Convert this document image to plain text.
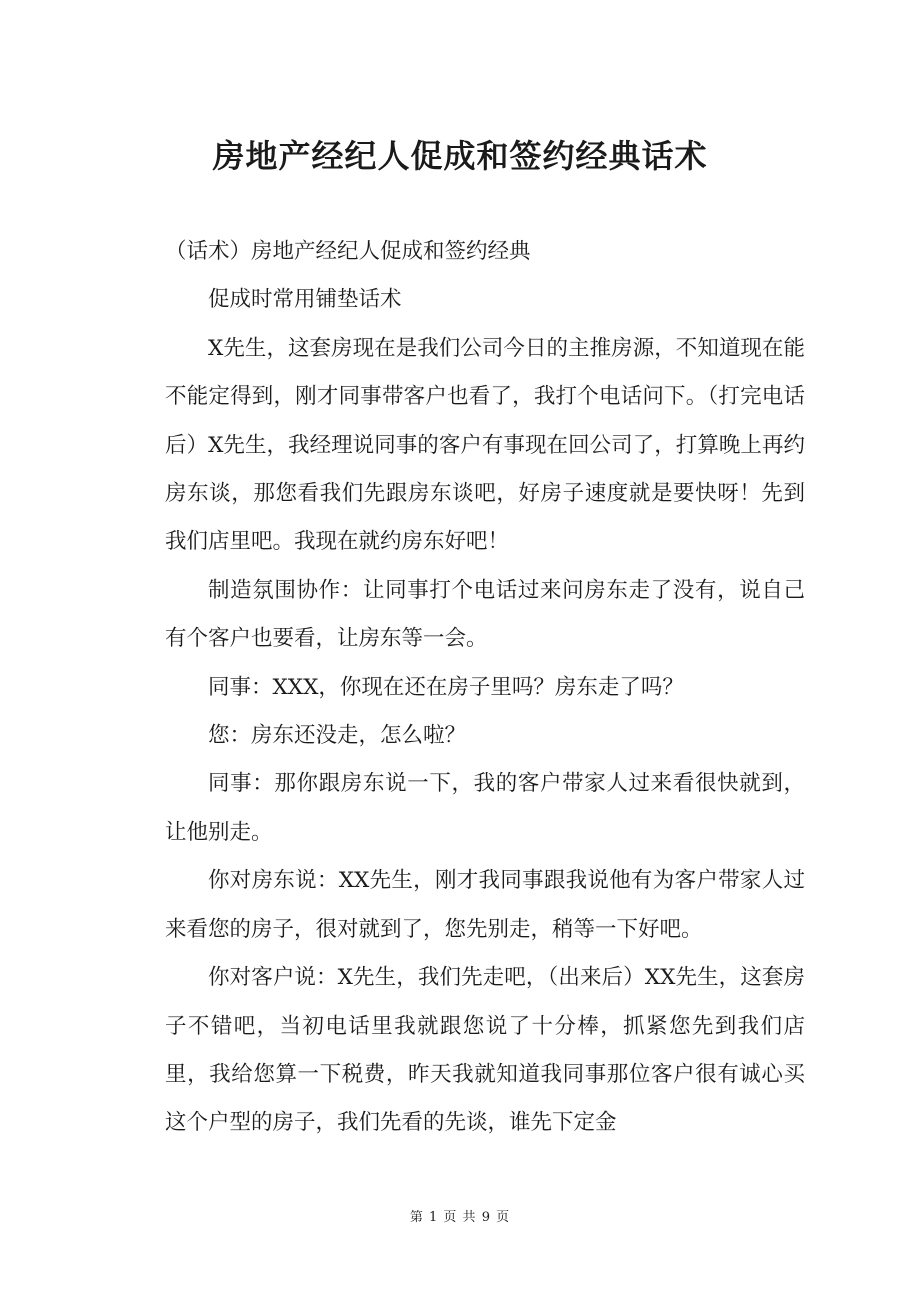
房地产经纪人促成和签约经典话术

（话术）房地产经纪人促成和签约经典

促成时常用铺垫话术

X先生，这套房现在是我们公司今日的主推房源，不知道现在能不能定得到，刚才同事带客户也看了，我打个电话问下。（打完电话后）X先生，我经理说同事的客户有事现在回公司了，打算晚上再约房东谈，那您看我们先跟房东谈吧，好房子速度就是要快呀！先到我们店里吧。我现在就约房东好吧！

制造氛围协作：让同事打个电话过来问房东走了没有，说自己有个客户也要看，让房东等一会。

同事：XXX，你现在还在房子里吗？房东走了吗？

您：房东还没走，怎么啦？

同事：那你跟房东说一下，我的客户带家人过来看很快就到，让他别走。

你对房东说：XX先生，刚才我同事跟我说他有为客户带家人过来看您的房子，很对就到了，您先别走，稍等一下好吧。

你对客户说：X先生，我们先走吧，（出来后）XX先生，这套房子不错吧，当初电话里我就跟您说了十分棒，抓紧您先到我们店里，我给您算一下税费，昨天我就知道我同事那位客户很有诚心买这个户型的房子，我们先看的先谈，谁先下定金

第 1 页 共 9 页
